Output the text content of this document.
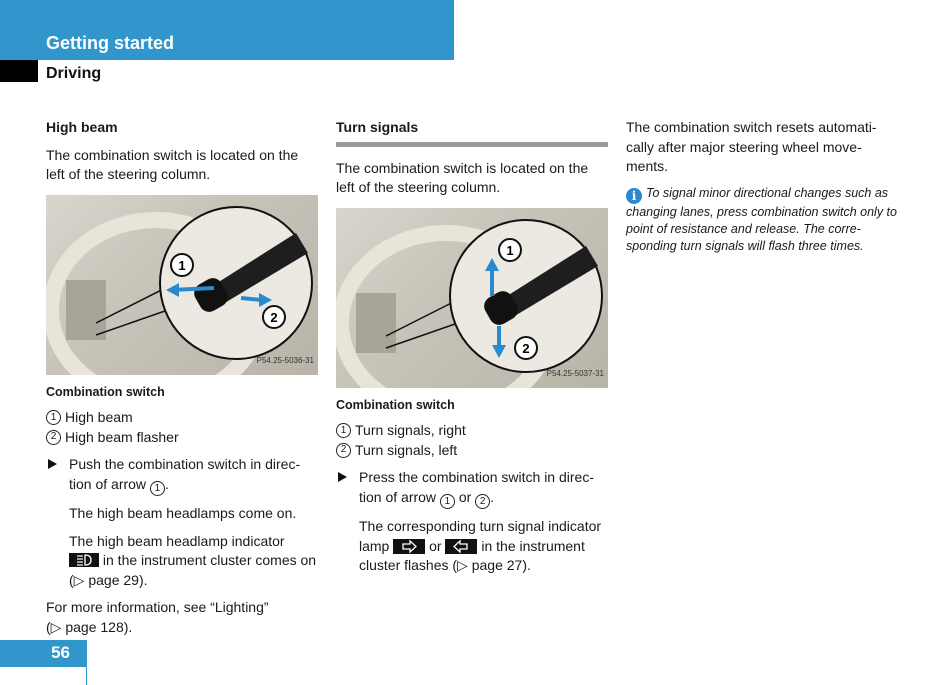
Getting started
Driving

High beam

The combination switch is located on the left of the steering column.

1
2
P54.25-5036-31

Combination switch

1 High beam
2 High beam flasher
Push the combination switch in direc-tion of arrow 1 .

The high beam headlamps come on.

The high beam headlamp indicator
in the instrument cluster comes on (▷ page 29).

For more information, see “Lighting”
(▷ page 128).

Turn signals

The combination switch is located on the left of the steering column.

1
2
P54.25-5037-31

Combination switch

1 Turn signals, right
2 Turn signals, left
Press the combination switch in direc-tion of arrow 1 or 2 .

The corresponding turn signal indicator lamp  or  in the instrument cluster flashes (▷ page 27).

The combination switch resets automati-cally after major steering wheel move-ments.

i To signal minor directional changes such as changing lanes, press combination switch only to point of resistance and release. The corre-sponding turn signals will flash three times.

56
